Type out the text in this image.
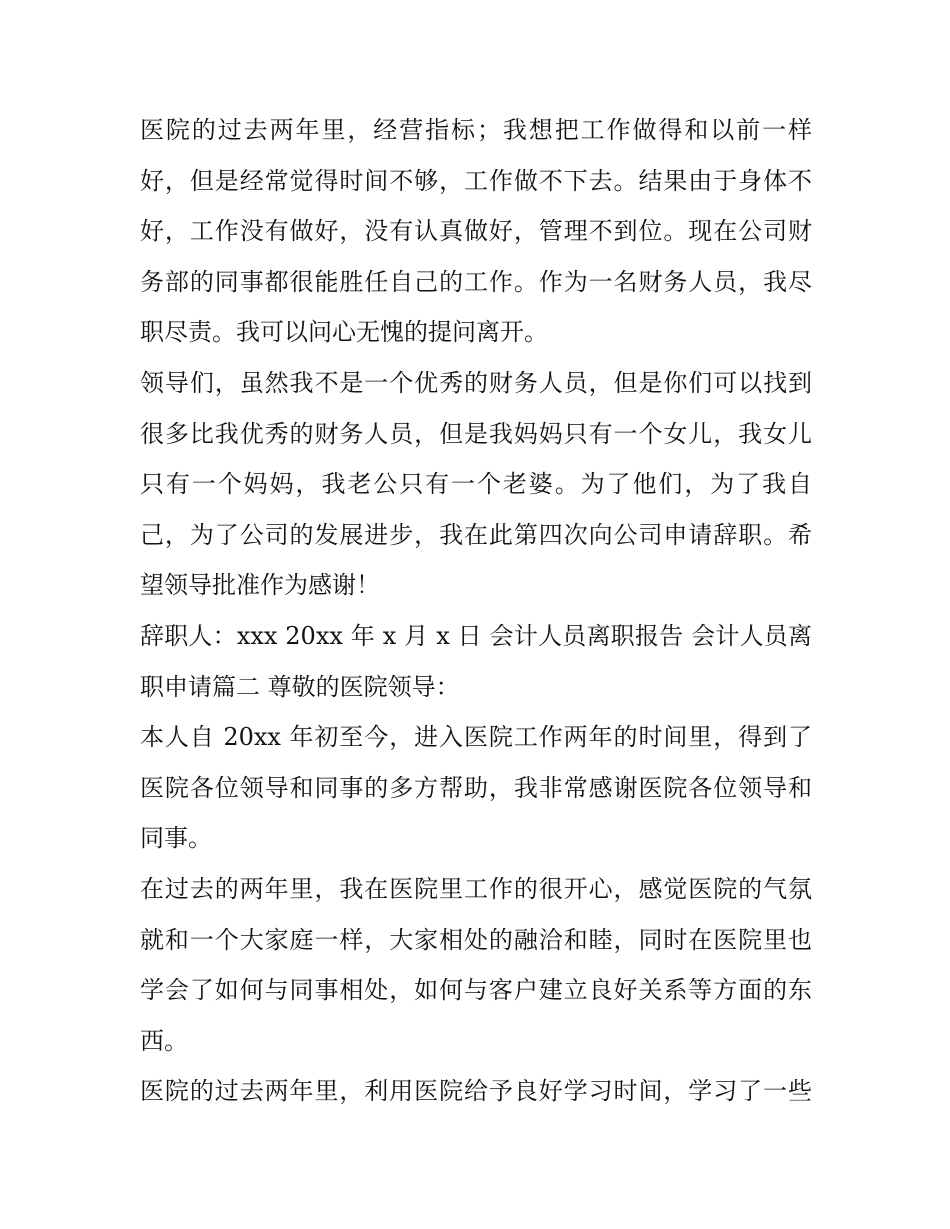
医院的过去两年里，经营指标；我想把工作做得和以前一样
好，但是经常觉得时间不够，工作做不下去。结果由于身体不
好，工作没有做好，没有认真做好，管理不到位。现在公司财
务部的同事都很能胜任自己的工作。作为一名财务人员，我尽
职尽责。我可以问心无愧的提问离开。
领导们，虽然我不是一个优秀的财务人员，但是你们可以找到
很多比我优秀的财务人员，但是我妈妈只有一个女儿，我女儿
只有一个妈妈，我老公只有一个老婆。为了他们，为了我自
己，为了公司的发展进步，我在此第四次向公司申请辞职。希
望领导批准作为感谢！
辞职人：xxx 20xx 年 x 月 x 日 会计人员离职报告 会计人员离
职申请篇二 尊敬的医院领导：
本人自 20xx 年初至今，进入医院工作两年的时间里，得到了
医院各位领导和同事的多方帮助，我非常感谢医院各位领导和
同事。
在过去的两年里，我在医院里工作的很开心，感觉医院的气氛
就和一个大家庭一样，大家相处的融洽和睦，同时在医院里也
学会了如何与同事相处，如何与客户建立良好关系等方面的东
西。
医院的过去两年里，利用医院给予良好学习时间，学习了一些
